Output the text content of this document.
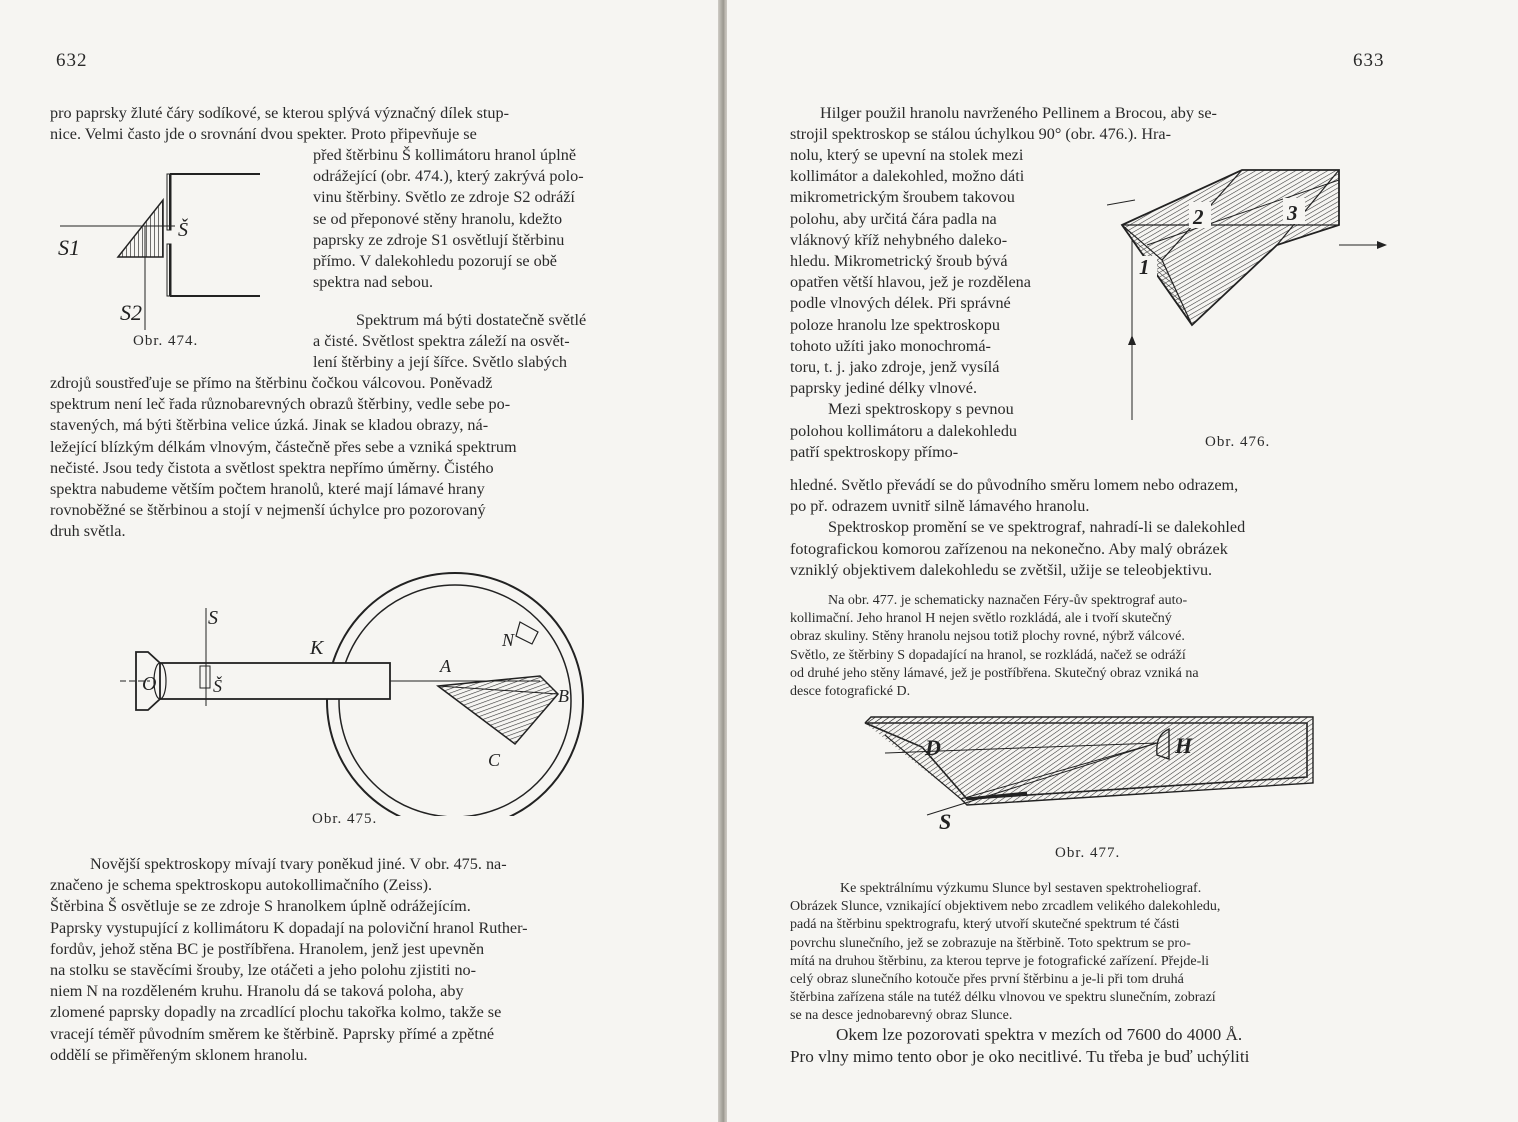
632
pro paprsky žluté čáry sodíkové, se kterou splývá význačný dílek stup-
nice. Velmi často jde o srovnání dvou spekter. Proto připevňuje se
před štěrbinu Š kollimátoru hranol úplně
odrážející (obr. 474.), který zakrývá polo-
vinu štěrbiny. Světlo ze zdroje S2 odráží
se od přeponové stěny hranolu, kdežto
paprsky ze zdroje S1 osvětlují štěrbinu
přímo. V dalekohledu pozorují se obě
spektra nad sebou.
Spektrum má býti dostatečně světlé
a čisté. Světlost spektra záleží na osvět-
lení štěrbiny a její šířce. Světlo slabých
zdrojů soustřeďuje se přímo na štěrbinu čočkou válcovou. Poněvadž
spektrum není leč řada různobarevných obrazů štěrbiny, vedle sebe po-
stavených, má býti štěrbina velice úzká. Jinak se kladou obrazy, ná-
ležející blízkým délkám vlnovým, částečně přes sebe a vzniká spektrum
nečisté. Jsou tedy čistota a světlost spektra nepřímo úměrny. Čistého
spektra nabudeme větším počtem hranolů, které mají lámavé hrany
rovnoběžné se štěrbinou a stojí v nejmenší úchylce pro pozorovaný
druh světla.
S1
Š
S2
Obr. 474.
S
O	Š
K
A
B
C
N
Obr. 475.
Novější spektroskopy mívají tvary poněkud jiné. V obr. 475. na-
značeno je schema spektroskopu autokollimačního (Zeiss).
Štěrbina Š osvětluje se ze zdroje S hranolkem úplně odrážejícím.
Paprsky vystupující z kollimátoru K dopadají na poloviční hranol Ruther-
fordův, jehož stěna BC je postříbřena. Hranolem, jenž jest upevněn
na stolku se stavěcími šrouby, lze otáčeti a jeho polohu zjistiti no-
niem N na rozděleném kruhu. Hranolu dá se taková poloha, aby
zlomené paprsky dopadly na zrcadlící plochu takořka kolmo, takže se
vracejí téměř původním směrem ke štěrbině. Paprsky přímé a zpětné
oddělí se přiměřeným sklonem hranolu.
633
Hilger použil hranolu navrženého Pellinem a Brocou, aby se-
strojil spektroskop se stálou úchylkou 90° (obr. 476.). Hra-
nolu, který se upevní na stolek mezi
kollimátor a dalekohled, možno dáti
mikrometrickým šroubem takovou
polohu, aby určitá čára padla na
vláknový kříž nehybného daleko-
hledu. Mikrometrický šroub bývá
opatřen větší hlavou, jež je rozdělena
podle vlnových délek. Při správné
poloze hranolu lze spektroskopu
tohoto užíti jako monochromá-
toru, t. j. jako zdroje, jenž vysílá
paprsky jediné délky vlnové.
Mezi spektroskopy s pevnou
polohou kollimátoru a dalekohledu
patří spektroskopy přímo-
1
2	3
Obr. 476.
hledné. Světlo převádí se do původního směru lomem nebo odrazem,
po př. odrazem uvnitř silně lámavého hranolu.
Spektroskop promění se ve spektrograf, nahradí-li se dalekohled
fotografickou komorou zařízenou na nekonečno. Aby malý obrázek
vzniklý objektivem dalekohledu se zvětšil, užije se teleobjektivu.
Na obr. 477. je schematicky naznačen Féry-ův spektrograf auto-
kollimační. Jeho hranol H nejen světlo rozkládá, ale i tvoří skutečný
obraz skuliny. Stěny hranolu nejsou totiž plochy rovné, nýbrž válcové.
Světlo, ze štěrbiny S dopadající na hranol, se rozkládá, načež se odráží
od druhé jeho stěny lámavé, jež je postříbřena. Skutečný obraz vzniká na
desce fotografické D.
D	H
S
Obr. 477.
Ke spektrálnímu výzkumu Slunce byl sestaven spektroheliograf.
Obrázek Slunce, vznikající objektivem nebo zrcadlem velikého dalekohledu,
padá na štěrbinu spektrografu, který utvoří skutečné spektrum té části
povrchu slunečního, jež se zobrazuje na štěrbině. Toto spektrum se pro-
mítá na druhou štěrbinu, za kterou teprve je fotografické zařízení. Přejde-li
celý obraz slunečního kotouče přes první štěrbinu a je-li při tom druhá
štěrbina zařízena stále na tutéž délku vlnovou ve spektru slunečním, zobrazí
se na desce jednobarevný obraz Slunce.
Okem lze pozorovati spektra v mezích od 7600 do 4000 Å.
Pro vlny mimo tento obor je oko necitlivé. Tu třeba je buď uchýliti
